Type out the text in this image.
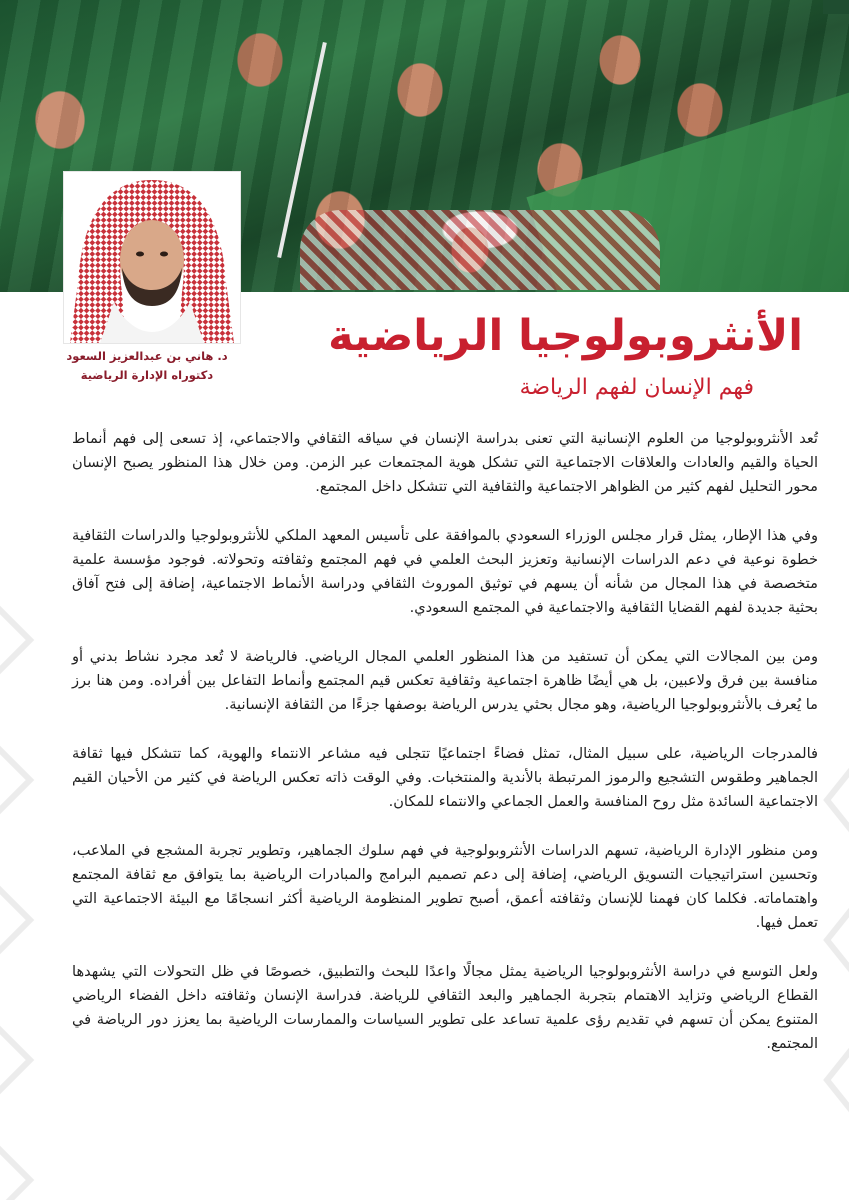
د. هاني بن عبدالعزيز السعود
دكتوراه الإدارة الرياضية
الأنثروبولوجيا الرياضية
فهم الإنسان لفهم الرياضة

تُعد الأنثروبولوجيا من العلوم الإنسانية التي تعنى بدراسة الإنسان في سياقه الثقافي والاجتماعي، إذ تسعى إلى فهم أنماط الحياة والقيم والعادات والعلاقات الاجتماعية التي تشكل هوية المجتمعات عبر الزمن. ومن خلال هذا المنظور يصبح الإنسان محور التحليل لفهم كثير من الظواهر الاجتماعية والثقافية التي تتشكل داخل المجتمع.

وفي هذا الإطار، يمثل قرار مجلس الوزراء السعودي بالموافقة على تأسيس المعهد الملكي للأنثروبولوجيا والدراسات الثقافية خطوة نوعية في دعم الدراسات الإنسانية وتعزيز البحث العلمي في فهم المجتمع وثقافته وتحولاته. فوجود مؤسسة علمية متخصصة في هذا المجال من شأنه أن يسهم في توثيق الموروث الثقافي ودراسة الأنماط الاجتماعية، إضافة إلى فتح آفاق بحثية جديدة لفهم القضايا الثقافية والاجتماعية في المجتمع السعودي.

ومن بين المجالات التي يمكن أن تستفيد من هذا المنظور العلمي المجال الرياضي. فالرياضة لا تُعد مجرد نشاط بدني أو منافسة بين فرق ولاعبين، بل هي أيضًا ظاهرة اجتماعية وثقافية تعكس قيم المجتمع وأنماط التفاعل بين أفراده. ومن هنا برز ما يُعرف بالأنثروبولوجيا الرياضية، وهو مجال بحثي يدرس الرياضة بوصفها جزءًا من الثقافة الإنسانية.

فالمدرجات الرياضية، على سبيل المثال، تمثل فضاءً اجتماعيًا تتجلى فيه مشاعر الانتماء والهوية، كما تتشكل فيها ثقافة الجماهير وطقوس التشجيع والرموز المرتبطة بالأندية والمنتخبات. وفي الوقت ذاته تعكس الرياضة في كثير من الأحيان القيم الاجتماعية السائدة مثل روح المنافسة والعمل الجماعي والانتماء للمكان.

ومن منظور الإدارة الرياضية، تسهم الدراسات الأنثروبولوجية في فهم سلوك الجماهير، وتطوير تجربة المشجع في الملاعب، وتحسين استراتيجيات التسويق الرياضي، إضافة إلى دعم تصميم البرامج والمبادرات الرياضية بما يتوافق مع ثقافة المجتمع واهتماماته. فكلما كان فهمنا للإنسان وثقافته أعمق، أصبح تطوير المنظومة الرياضية أكثر انسجامًا مع البيئة الاجتماعية التي تعمل فيها.

ولعل التوسع في دراسة الأنثروبولوجيا الرياضية يمثل مجالًا واعدًا للبحث والتطبيق، خصوصًا في ظل التحولات التي يشهدها القطاع الرياضي وتزايد الاهتمام بتجربة الجماهير والبعد الثقافي للرياضة. فدراسة الإنسان وثقافته داخل الفضاء الرياضي المتنوع يمكن أن تسهم في تقديم رؤى علمية تساعد على تطوير السياسات والممارسات الرياضية بما يعزز دور الرياضة في المجتمع.
